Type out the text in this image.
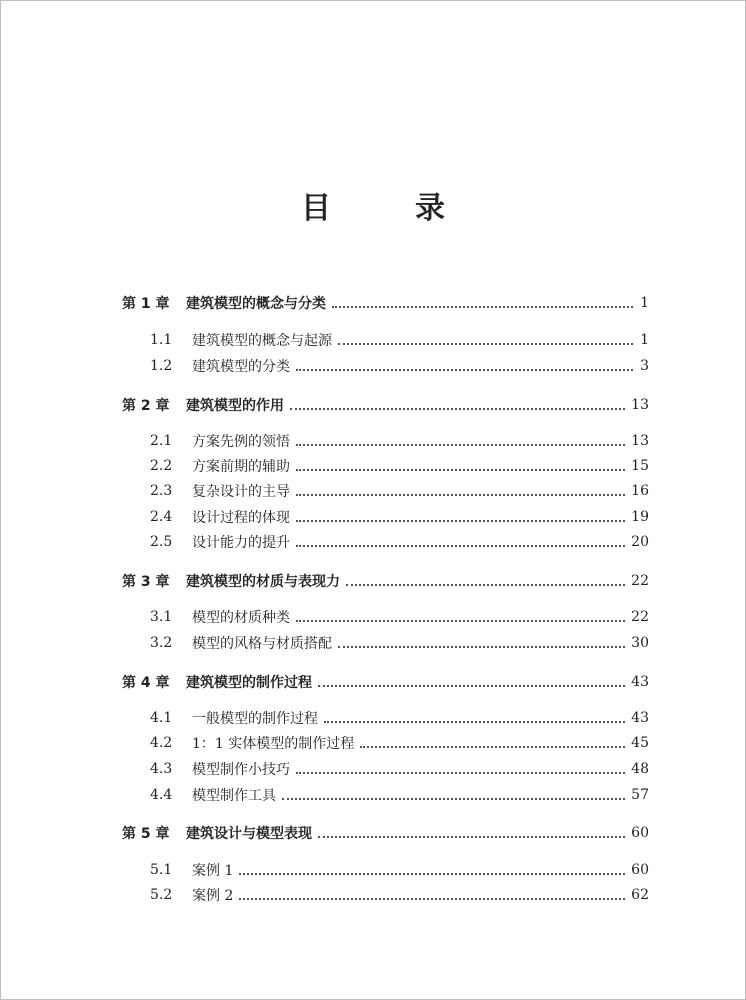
目　录
第 1 章	建筑模型的概念与分类	1
1.1	建筑模型的概念与起源	1
1.2	建筑模型的分类	3
第 2 章	建筑模型的作用	13
2.1	方案先例的领悟	13
2.2	方案前期的辅助	15
2.3	复杂设计的主导	16
2.4	设计过程的体现	19
2.5	设计能力的提升	20
第 3 章	建筑模型的材质与表现力	22
3.1	模型的材质种类	22
3.2	模型的风格与材质搭配	30
第 4 章	建筑模型的制作过程	43
4.1	一般模型的制作过程	43
4.2	1：1 实体模型的制作过程	45
4.3	模型制作小技巧	48
4.4	模型制作工具	57
第 5 章	建筑设计与模型表现	60
5.1	案例 1	60
5.2	案例 2	62
